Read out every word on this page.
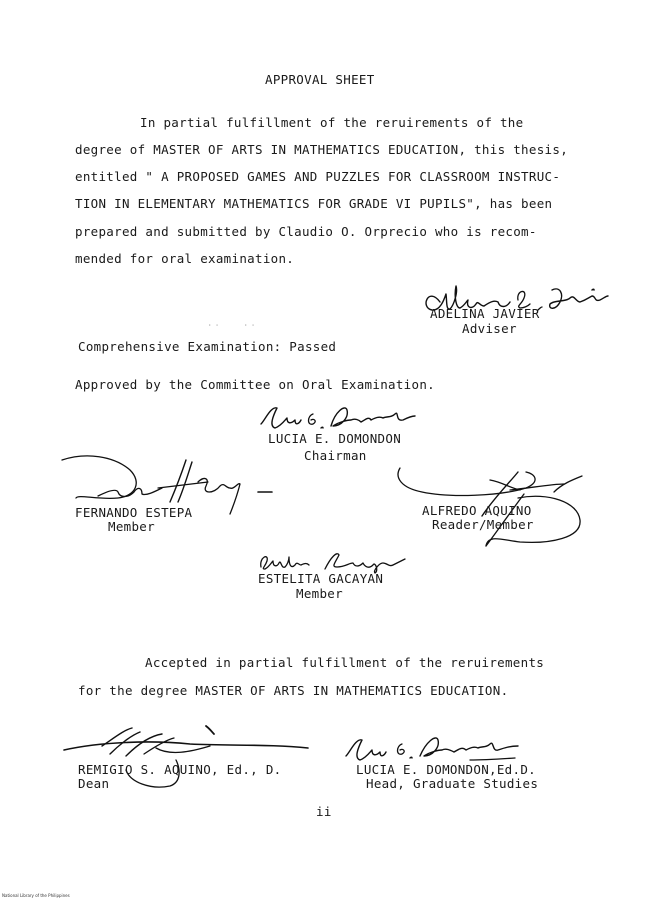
APPROVAL SHEET
In partial fulfillment of the reruirements of the
degree of MASTER OF ARTS IN MATHEMATICS EDUCATION, this thesis,
entitled " A PROPOSED GAMES AND PUZZLES FOR CLASSROOM INSTRUC-
TION IN ELEMENTARY MATHEMATICS FOR GRADE VI PUPILS", has been
prepared and submitted by Claudio O. Orprecio who is recom-
mended for oral examination.
ADELINA JAVIER
Adviser
· ·	· ·
Comprehensive Examination: Passed
Approved by the Committee on Oral Examination.
LUCIA E. DOMONDON
Chairman
FERNANDO ESTEPA
Member
ALFREDO AQUINO
Reader/Member
ESTELITA GACAYAN
Member
Accepted in partial fulfillment of the reruirements
for the degree MASTER OF ARTS IN MATHEMATICS EDUCATION.
REMIGIO S. AQUINO, Ed., D.
Dean
LUCIA E. DOMONDON,Ed.D.
Head, Graduate Studies
ii
National Library of the Philippines
